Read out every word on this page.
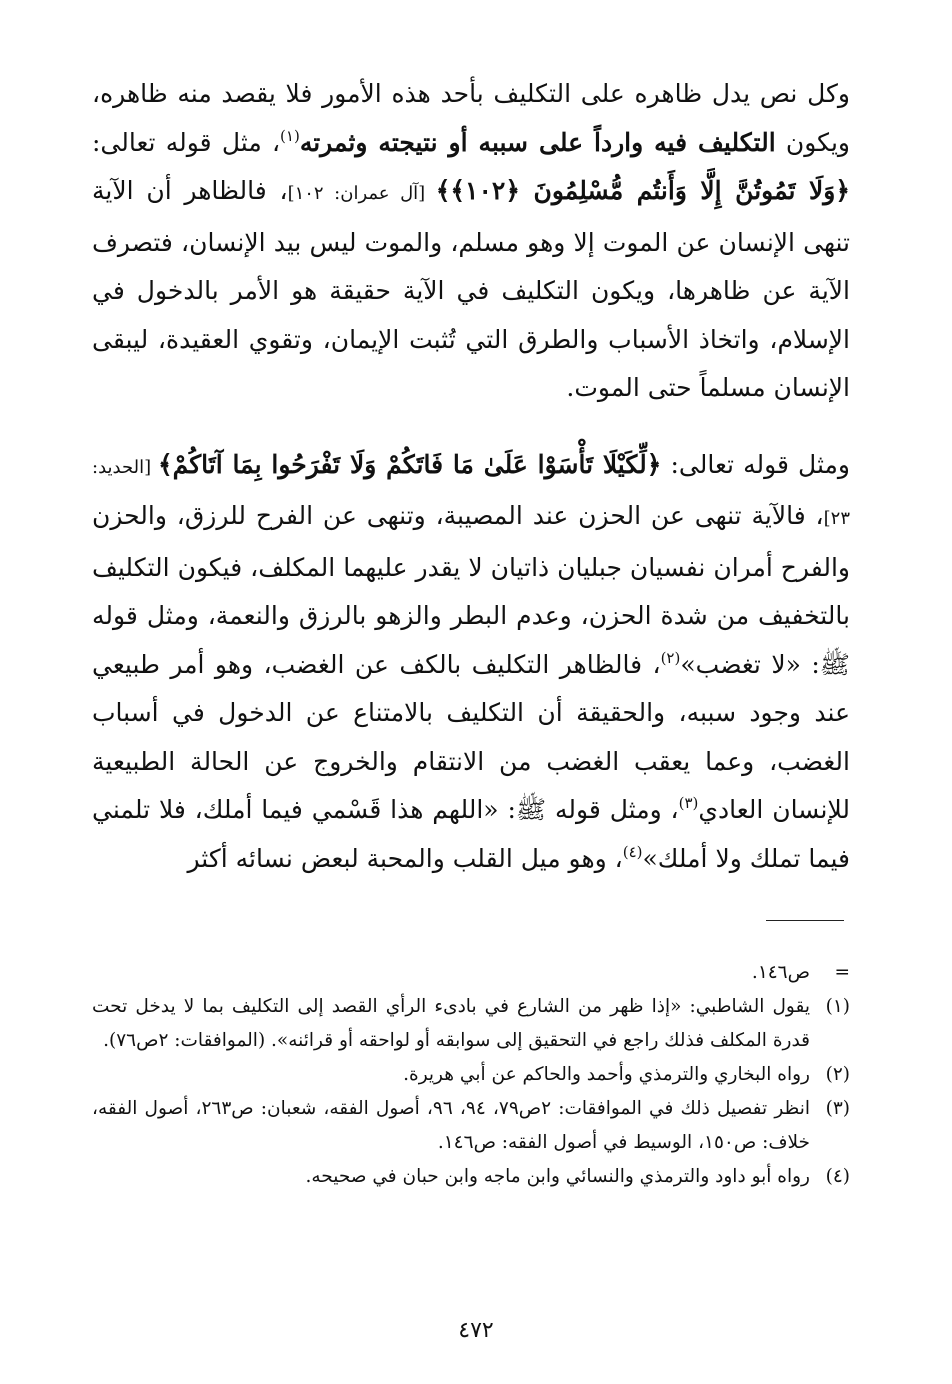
وكل نص يدل ظاهره على التكليف بأحد هذه الأمور فلا يقصد منه ظاهره، ويكون التكليف فيه وارداً على سببه أو نتيجته وثمرته$^{(١)}$، مثل قوله تعالى: ﴿وَلَا تَمُوتُنَّ إِلَّا وَأَنتُم مُّسْلِمُونَ ﴿١٠٢﴾﴾ [آل عمران: ١٠٢]، فالظاهر أن الآية تنهى الإنسان عن الموت إلا وهو مسلم، والموت ليس بيد الإنسان، فتصرف الآية عن ظاهرها، ويكون التكليف في الآية حقيقة هو الأمر بالدخول في الإسلام، واتخاذ الأسباب والطرق التي تُثبت الإيمان، وتقوي العقيدة، ليبقى الإنسان مسلماً حتى الموت.

ومثل قوله تعالى: ﴿لِّكَيْلَا تَأْسَوْا عَلَىٰ مَا فَاتَكُمْ وَلَا تَفْرَحُوا بِمَا آتَاكُمْ﴾ [الحديد: ٢٣]، فالآية تنهى عن الحزن عند المصيبة، وتنهى عن الفرح للرزق، والحزن والفرح أمران نفسيان جبليان ذاتيان لا يقدر عليهما المكلف، فيكون التكليف بالتخفيف من شدة الحزن، وعدم البطر والزهو بالرزق والنعمة، ومثل قوله ﷺ: «لا تغضب»$^{(٢)}$، فالظاهر التكليف بالكف عن الغضب، وهو أمر طبيعي عند وجود سببه، والحقيقة أن التكليف بالامتناع عن الدخول في أسباب الغضب، وعما يعقب الغضب من الانتقام والخروج عن الحالة الطبيعية للإنسان العادي$^{(٣)}$، ومثل قوله ﷺ: «اللهم هذا قَسْمي فيما أملك، فلا تلمني فيما تملك ولا أملك»$^{(٤)}$، وهو ميل القلب والمحبة لبعض نسائه أكثر

=
ص١٤٦.
(١)
يقول الشاطبي: «إذا ظهر من الشارع في بادىء الرأي القصد إلى التكليف بما لا يدخل تحت قدرة المكلف فذلك راجع في التحقيق إلى سوابقه أو لواحقه أو قرائنه». (الموافقات: ٢ص٧٦).
(٢)
رواه البخاري والترمذي وأحمد والحاكم عن أبي هريرة.
(٣)
انظر تفصيل ذلك في الموافقات: ٢ص٧٩، ٩٤، ٩٦، أصول الفقه، شعبان: ص٢٦٣، أصول الفقه، خلاف: ص١٥٠، الوسيط في أصول الفقه: ص١٤٦.
(٤)
رواه أبو داود والترمذي والنسائي وابن ماجه وابن حبان في صحيحه.
٤٧٢
